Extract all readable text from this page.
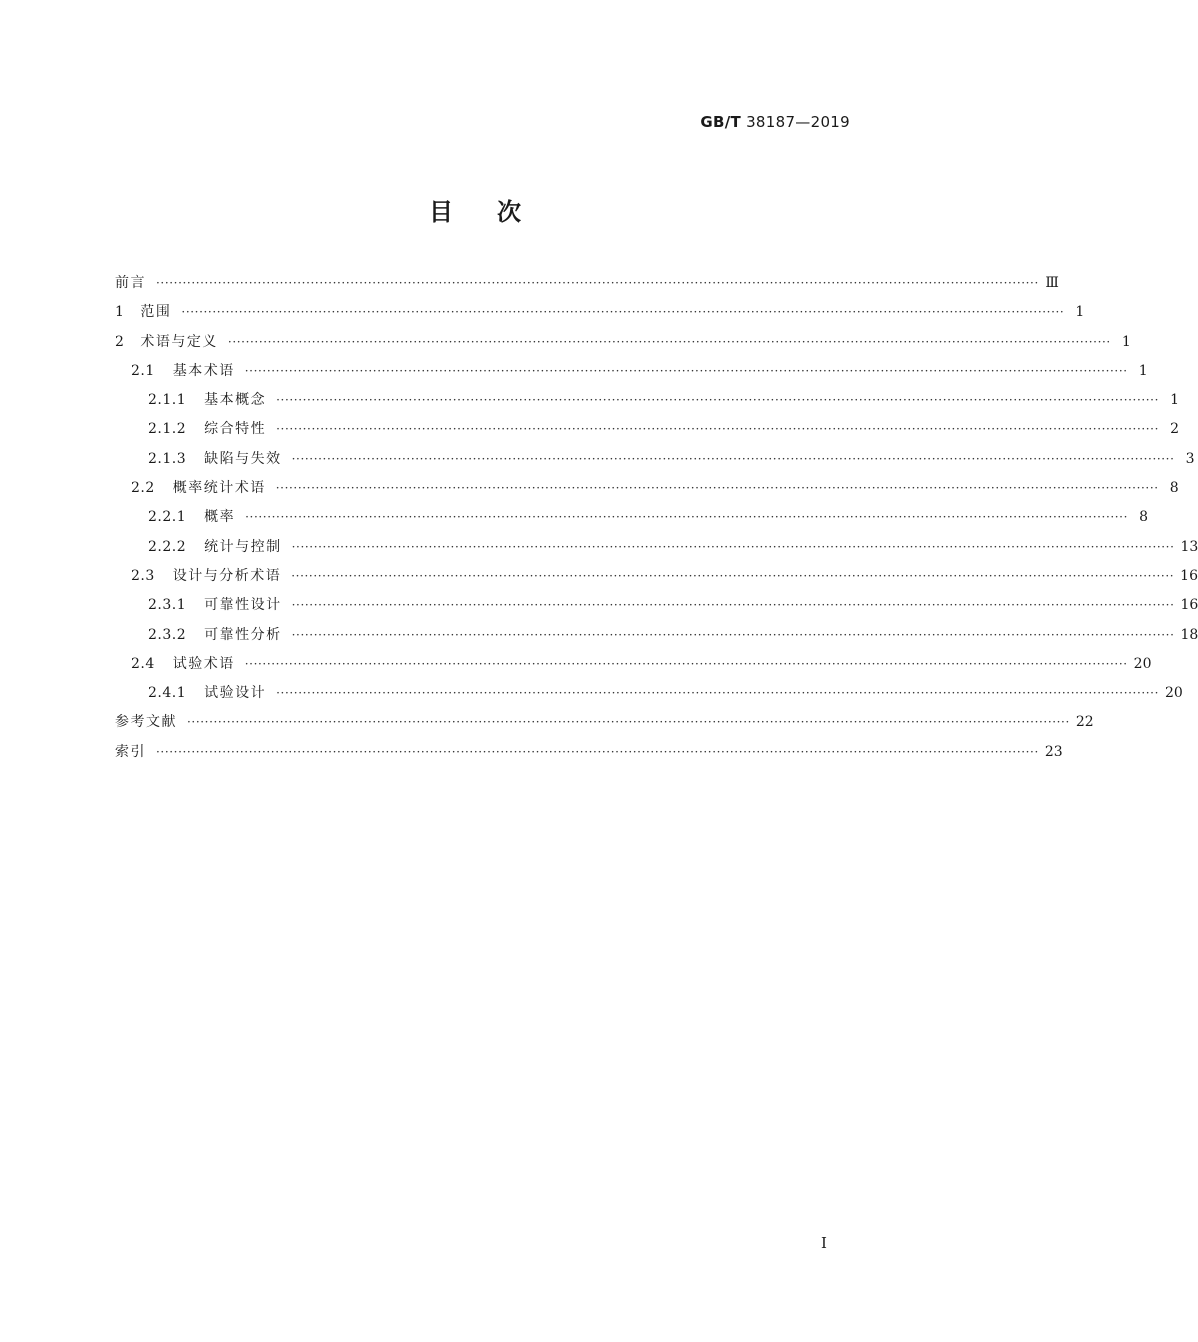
GB/T 38187—2019
目次
前言 ········································································································································································································ Ⅲ
1 范围 ········································································································································································································ 1
2 术语与定义 ········································································································································································································ 1
2.1 基本术语 ········································································································································································································ 1
2.1.1 基本概念 ········································································································································································································ 1
2.1.2 综合特性 ········································································································································································································ 2
2.1.3 缺陷与失效 ········································································································································································································ 3
2.2 概率统计术语 ········································································································································································································ 8
2.2.1 概率 ········································································································································································································ 8
2.2.2 统计与控制 ········································································································································································································ 13
2.3 设计与分析术语 ········································································································································································································ 16
2.3.1 可靠性设计 ········································································································································································································ 16
2.3.2 可靠性分析 ········································································································································································································ 18
2.4 试验术语 ········································································································································································································ 20
2.4.1 试验设计 ········································································································································································································ 20
参考文献 ········································································································································································································ 22
索引 ········································································································································································································ 23
I
